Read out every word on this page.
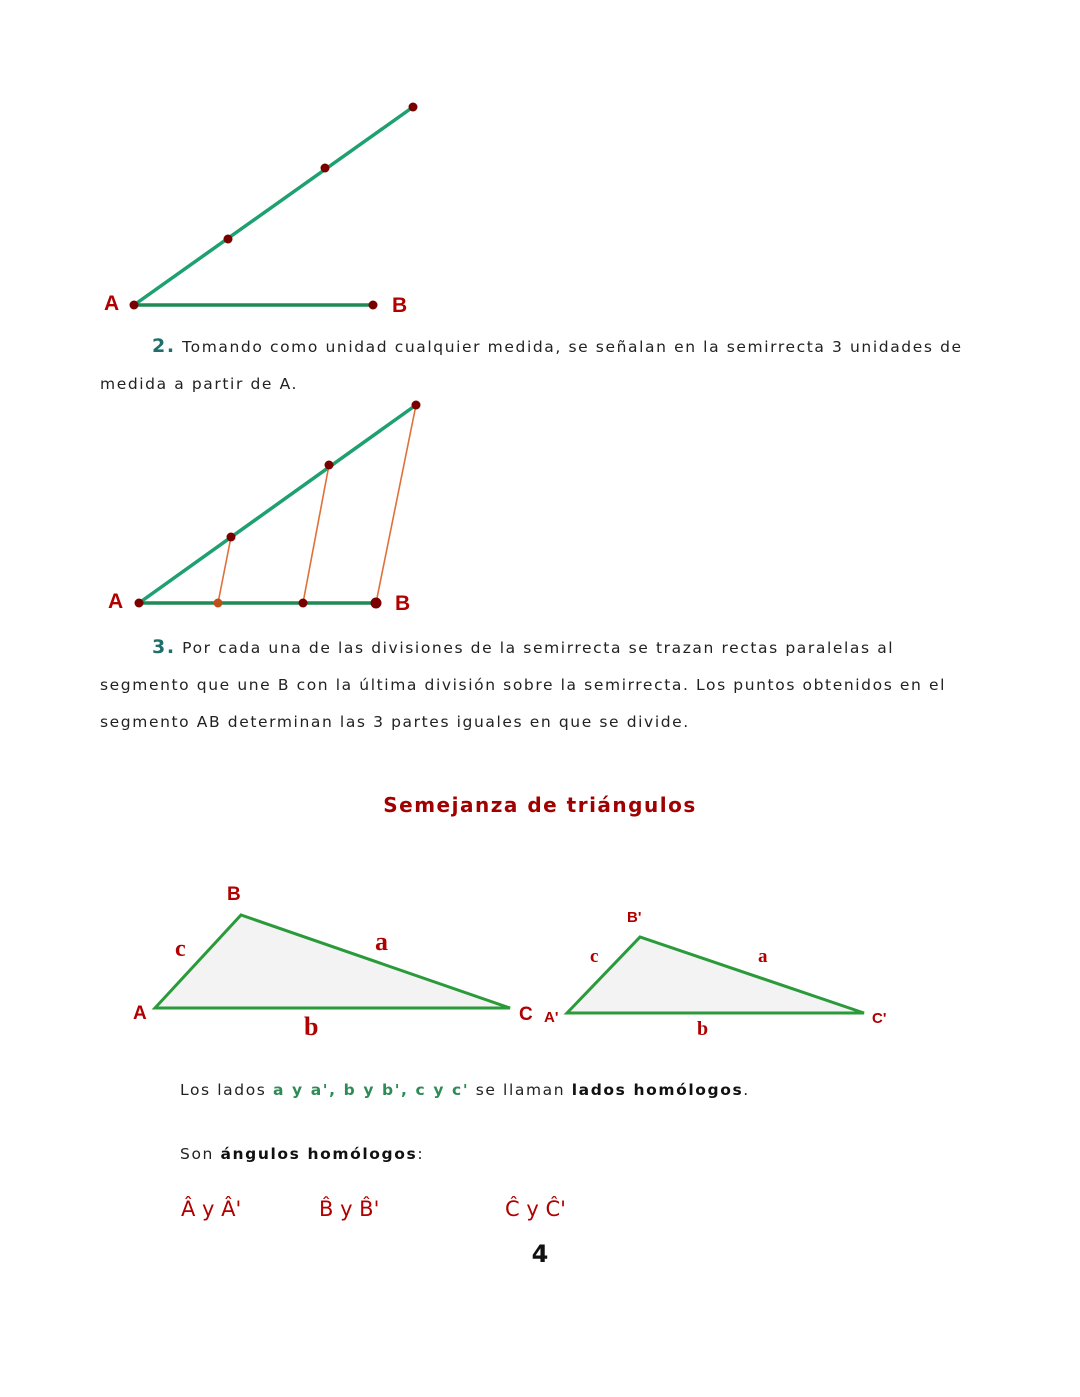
A	B
A	B
2. Tomando como unidad cualquier medida, se señalan en la semirrecta 3 unidades de
medida a partir de A.
3. Por cada una de las divisiones de la semirrecta se trazan rectas paralelas al
segmento que une B con la última división sobre la semirrecta. Los puntos obtenidos en el
segmento AB determinan las 3 partes iguales en que se divide.
Semejanza de triángulos
B
c	a
A	b	C
B'
c	a
A'
b	C'
Los lados a y a', b y b', c y c' se llaman lados homólogos.
Son ángulos homólogos:
Â y Â'	B̂ y B̂'	Ĉ y Ĉ'
4
